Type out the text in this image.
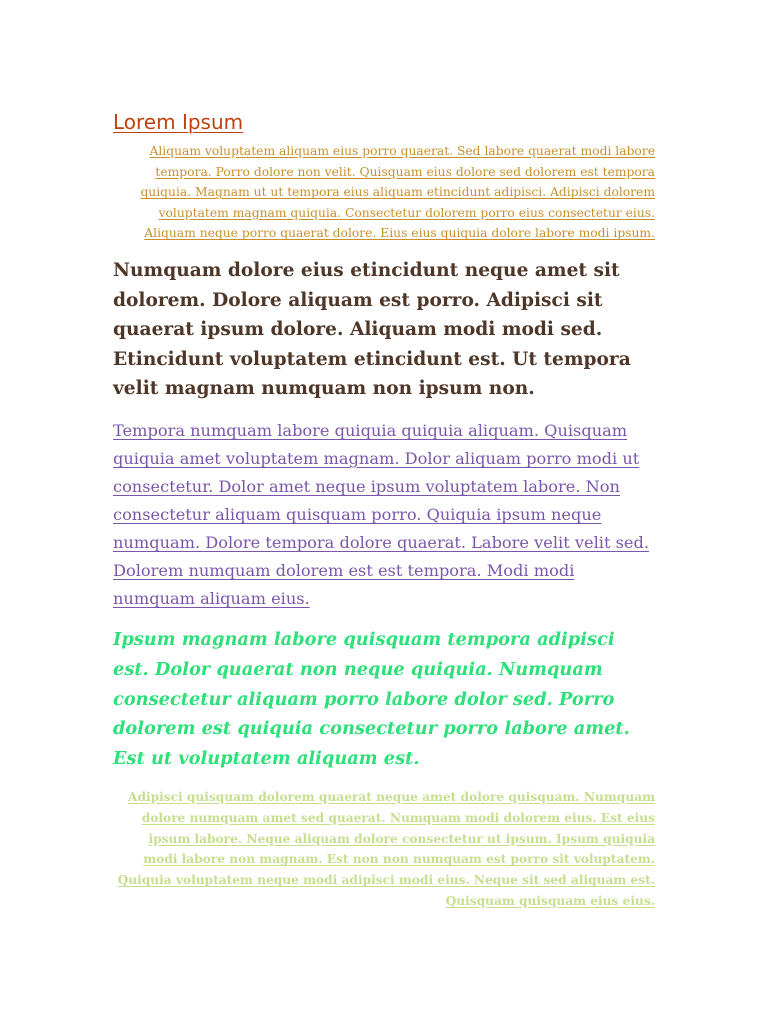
Lorem Ipsum

Aliquam voluptatem aliquam eius porro quaerat. Sed labore quaerat modi labore tempora. Porro dolore non velit. Quisquam eius dolore sed dolorem est tempora quiquia. Magnam ut ut tempora eius aliquam etincidunt adipisci. Adipisci dolorem voluptatem magnam quiquia. Consectetur dolorem porro eius consectetur eius. Aliquam neque porro quaerat dolore. Eius eius quiquia dolore labore modi ipsum.

Numquam dolore eius etincidunt neque amet sit dolorem. Dolore aliquam est porro. Adipisci sit quaerat ipsum dolore. Aliquam modi modi sed. Etincidunt voluptatem etincidunt est. Ut tempora velit magnam numquam non ipsum non.

Tempora numquam labore quiquia quiquia aliquam. Quisquam quiquia amet voluptatem magnam. Dolor aliquam porro modi ut consectetur. Dolor amet neque ipsum voluptatem labore. Non consectetur aliquam quisquam porro. Quiquia ipsum neque numquam. Dolore tempora dolore quaerat. Labore velit velit sed. Dolorem numquam dolorem est est tempora. Modi modi numquam aliquam eius.

Ipsum magnam labore quisquam tempora adipisci est. Dolor quaerat non neque quiquia. Numquam consectetur aliquam porro labore dolor sed. Porro dolorem est quiquia consectetur porro labore amet. Est ut voluptatem aliquam est.

Adipisci quisquam dolorem quaerat neque amet dolore quisquam. Numquam dolore numquam amet sed quaerat. Numquam modi dolorem eius. Est eius ipsum labore. Neque aliquam dolore consectetur ut ipsum. Ipsum quiquia modi labore non magnam. Est non non numquam est porro sit voluptatem. Quiquia voluptatem neque modi adipisci modi eius. Neque sit sed aliquam est. Quisquam quisquam eius eius.
